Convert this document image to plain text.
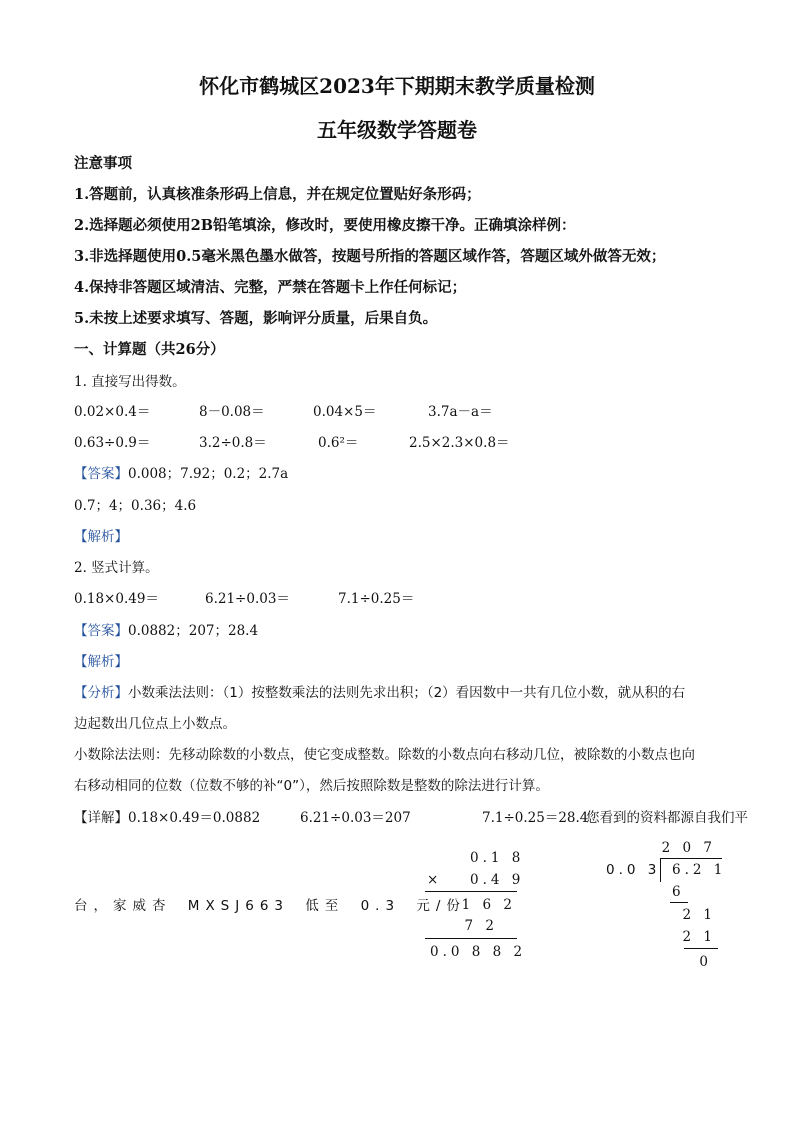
怀化市鹤城区2023年下期期末教学质量检测
五年级数学答题卷
注意事项
1.答题前，认真核准条形码上信息，并在规定位置贴好条形码；
2.选择题必须使用2B铅笔填涂，修改时，要使用橡皮擦干净。正确填涂样例：
3.非选择题使用0.5毫米黑色墨水做答，按题号所指的答题区域作答，答题区域外做答无效；
4.保持非答题区域清洁、完整，严禁在答题卡上作任何标记；
5.未按上述要求填写、答题，影响评分质量，后果自负。
一、计算题（共26分）
1. 直接写出得数。
0.02×0.4＝	8－0.08＝	0.04×5＝	3.7a－a＝
0.63÷0.9＝	3.2÷0.8＝	0.6²＝	2.5×2.3×0.8＝
【答案】0.008；7.92；0.2；2.7a
0.7；4；0.36；4.6
【解析】
2. 竖式计算。
0.18×0.49＝	6.21÷0.03＝	7.1÷0.25＝
【答案】0.0882；207；28.4
【解析】
【分析】小数乘法法则：（1）按整数乘法的法则先求出积；（2）看因数中一共有几位小数，就从积的右
边起数出几位点上小数点。
小数除法法则：先移动除数的小数点，使它变成整数。除数的小数点向右移动几位，被除数的小数点也向
右移动相同的位数（位数不够的补“0”），然后按照除数是整数的除法进行计算。
【详解】0.18×0.49＝0.0882	6.21÷0.03＝207	7.1÷0.25＝28.4
您看到的资料都源自我们平
台，家威杏 MXSJ663 低至 0.3 元/份
0.1 8
× 0.4 9
1 6 2
7 2
0.0 8 8 2
2 0 7
0.0 3 6.2 1
6
2 1
2 1
0
